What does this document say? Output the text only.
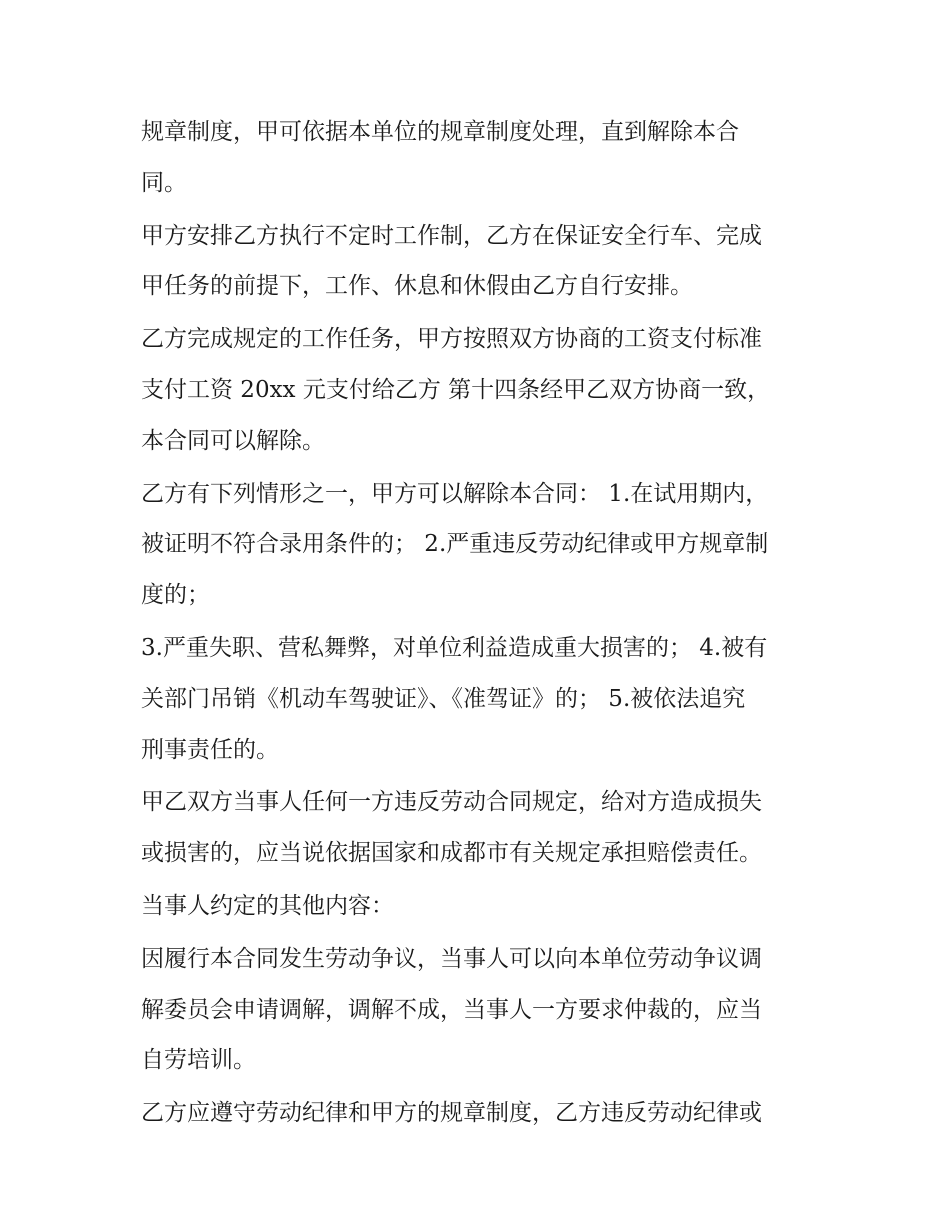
规章制度，甲可依据本单位的规章制度处理，直到解除本合
同。
甲方安排乙方执行不定时工作制，乙方在保证安全行车、完成
甲任务的前提下，工作、休息和休假由乙方自行安排。
乙方完成规定的工作任务，甲方按照双方协商的工资支付标准
支付工资 20xx 元支付给乙方 第十四条经甲乙双方协商一致，
本合同可以解除。
乙方有下列情形之一，甲方可以解除本合同： 1.在试用期内，
被证明不符合录用条件的； 2.严重违反劳动纪律或甲方规章制
度的；
3.严重失职、营私舞弊，对单位利益造成重大损害的； 4.被有
关部门吊销《机动车驾驶证》、《准驾证》的； 5.被依法追究
刑事责任的。
甲乙双方当事人任何一方违反劳动合同规定，给对方造成损失
或损害的，应当说依据国家和成都市有关规定承担赔偿责任。
当事人约定的其他内容：
因履行本合同发生劳动争议，当事人可以向本单位劳动争议调
解委员会申请调解，调解不成，当事人一方要求仲裁的，应当
自劳培训。
乙方应遵守劳动纪律和甲方的规章制度，乙方违反劳动纪律或
